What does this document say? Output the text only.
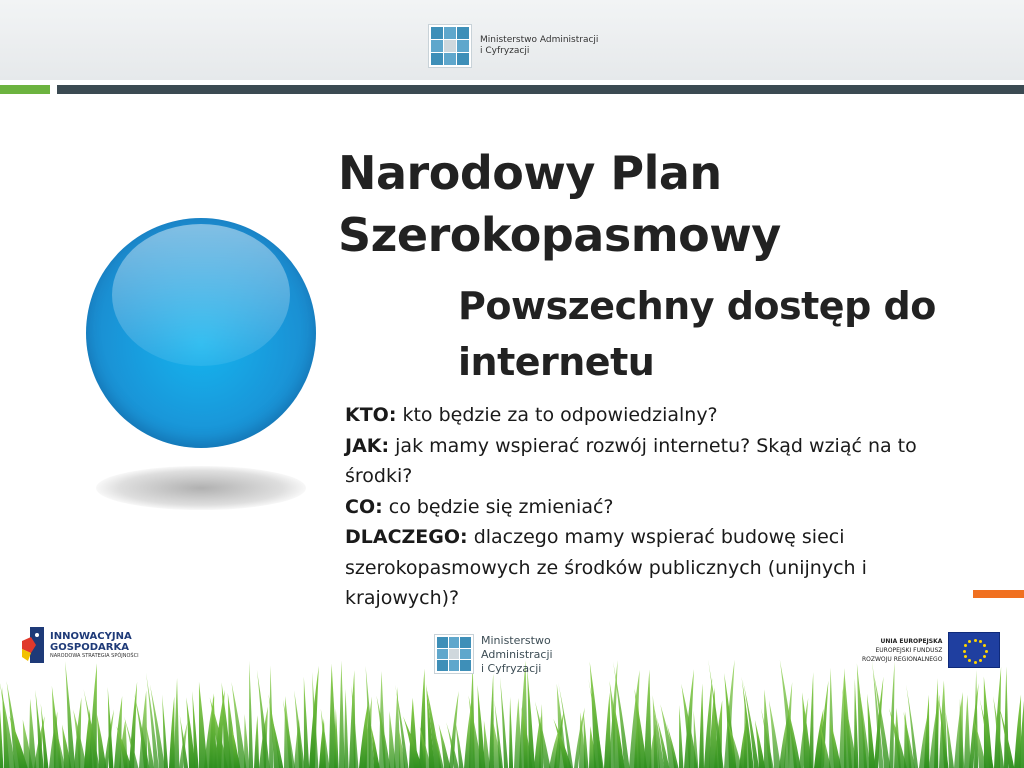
Ministerstwo Administracji
i Cyfryzacji
Narodowy Plan Szerokopasmowy
Powszechny dostęp do internetu

KTO: kto będzie za to odpowiedzialny?

JAK: jak mamy wspierać rozwój internetu? Skąd wziąć na to środki?

CO: co będzie się zmieniać?

DLACZEGO: dlaczego mamy wspierać budowę sieci szerokopasmowych ze środków publicznych (unijnych i krajowych)?

INNOWACYJNA
GOSPODARKA
NARODOWA STRATEGIA SPÓJNOŚCI
Ministerstwo
Administracji
i Cyfryzacji
UNIA EUROPEJSKA
EUROPEJSKI FUNDUSZ
ROZWOJU REGIONALNEGO
